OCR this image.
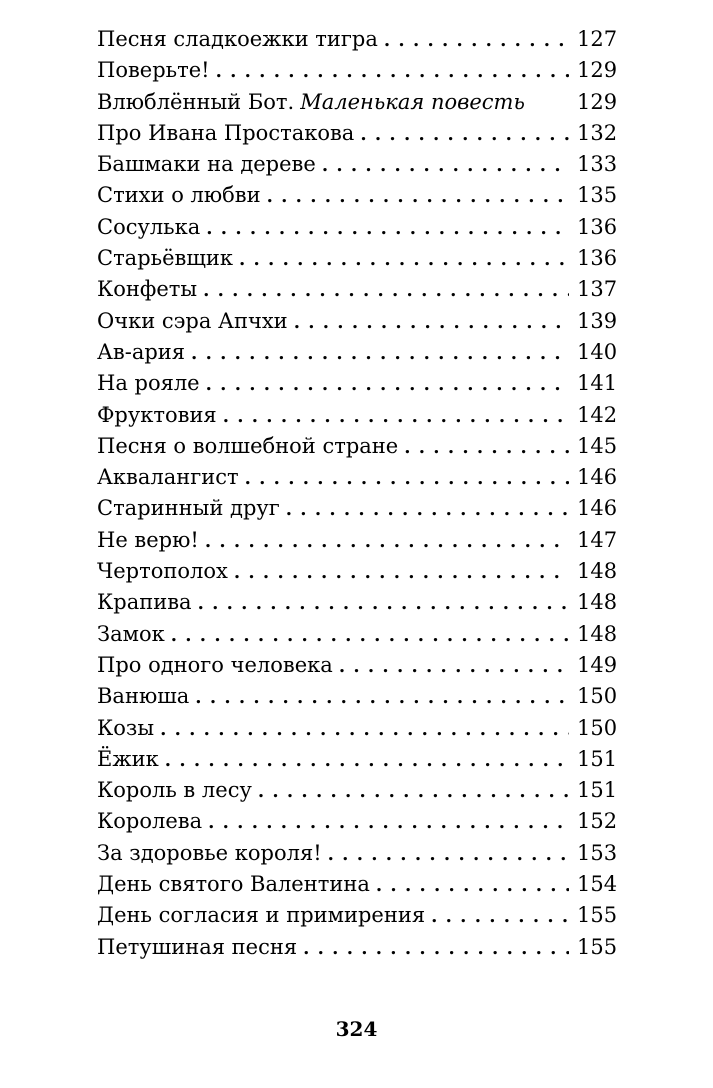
Песня сладкоежки тигра . . .	127
Поверьте! . . .	129
Влюблённый Бот. Маленькая повесть 129
Про Ивана Простакова . . .	132
Башмаки на дереве . . .	133
Стихи о любви . . .	135
Сосулька . . .	136
Старьёвщик . . .	136
Конфеты . . .	137
Очки сэра Апчхи . . .	139
Ав-ария . . .	140
На рояле . . .	141
Фруктовия . . .	142
Песня о волшебной стране . . .	145
Аквалангист . . .	146
Старинный друг . . .	146
Не верю! . . .	147
Чертополох . . .	148
Крапива . . .	148
Замок . . .	148
Про одного человека . . .	149
Ванюша . . .	150
Козы . . .	150
Ёжик . . .	151
Король в лесу . . .	151
Королева . . .	152
За здоровье короля! . . .	153
День святого Валентина . . .	154
День согласия и примирения . . .	155
Петушиная песня . . .	155
324
